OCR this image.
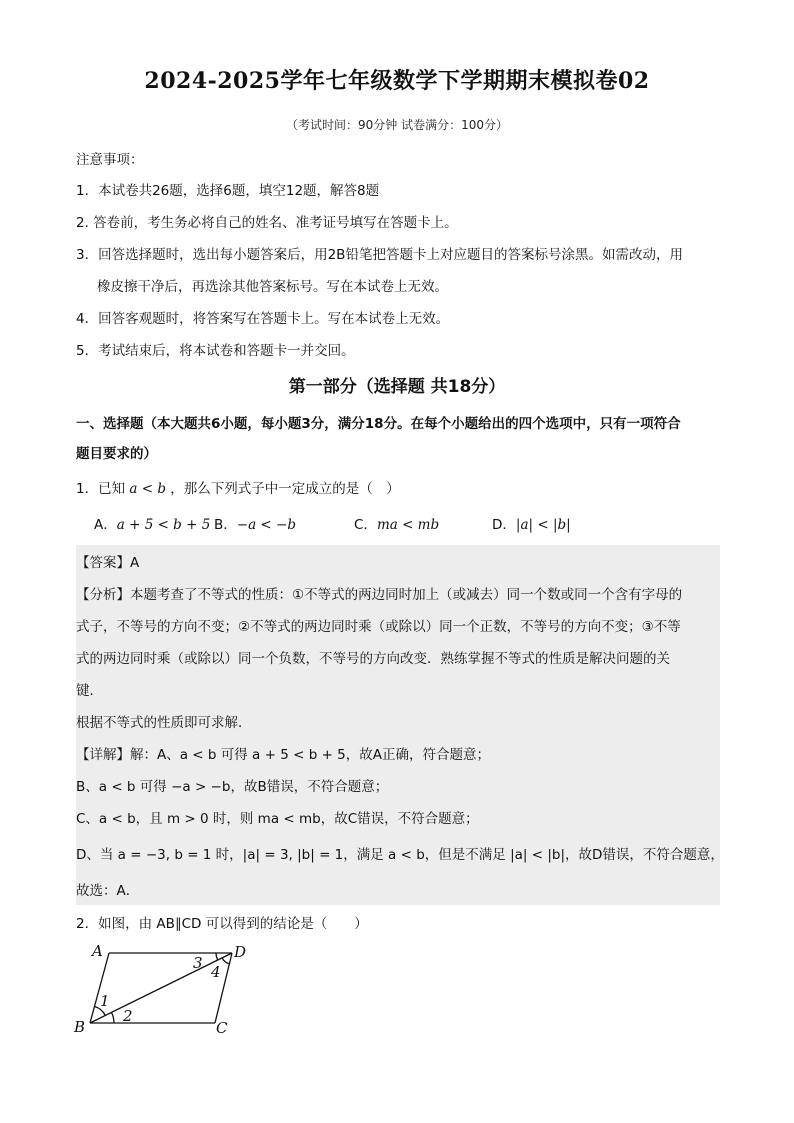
2024-2025学年七年级数学下学期期末模拟卷02
（考试时间：90分钟 试卷满分：100分）
注意事项：
1．本试卷共26题，选择6题，填空12题，解答8题
2. 答卷前，考生务必将自己的姓名、准考证号填写在答题卡上。
3．回答选择题时，选出每小题答案后，用2B铅笔把答题卡上对应题目的答案标号涂黑。如需改动，用
橡皮擦干净后，再选涂其他答案标号。写在本试卷上无效。
4．回答客观题时，将答案写在答题卡上。写在本试卷上无效。
5．考试结束后，将本试卷和答题卡一并交回。
第一部分（选择题 共18分）
一、选择题（本大题共6小题，每小题3分，满分18分。在每个小题给出的四个选项中，只有一项符合
题目要求的）
1．已知 a < b ，那么下列式子中一定成立的是（　）
A．a + 5 < b + 5 B．−a < −b	C．ma < mb	D．|a| < |b|
【答案】A
【分析】本题考查了不等式的性质：①不等式的两边同时加上（或减去）同一个数或同一个含有字母的
式子，不等号的方向不变；②不等式的两边同时乘（或除以）同一个正数，不等号的方向不变；③不等
式的两边同时乘（或除以）同一个负数，不等号的方向改变．熟练掌握不等式的性质是解决问题的关
键．
根据不等式的性质即可求解．
【详解】解：A、a < b 可得 a + 5 < b + 5，故A正确，符合题意；
B、a < b 可得 −a > −b，故B错误，不符合题意；
C、a < b，且 m > 0 时，则 ma < mb，故C错误，不符合题意；
D、当 a = −3, b = 1 时，|a| = 3, |b| = 1，满足 a < b，但是不满足 |a| < |b|，故D错误，不符合题意，
故选：A．
2．如图，由 AB∥CD 可以得到的结论是（　　）
A	D
B	C
1
2
3 4
